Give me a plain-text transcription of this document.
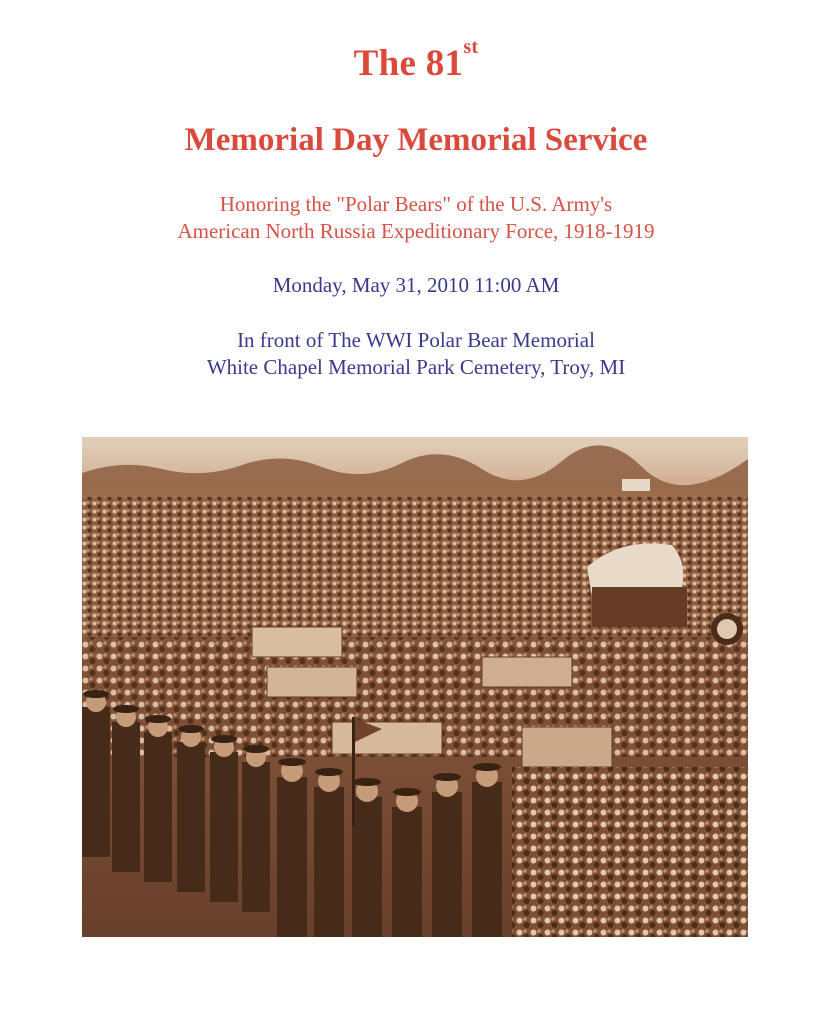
The 81st
Memorial Day Memorial Service
Honoring the "Polar Bears" of the U.S. Army's
American North Russia Expeditionary Force, 1918-1919
Monday, May 31, 2010 11:00 AM
In front of The WWI Polar Bear Memorial
White Chapel Memorial Park Cemetery, Troy, MI
